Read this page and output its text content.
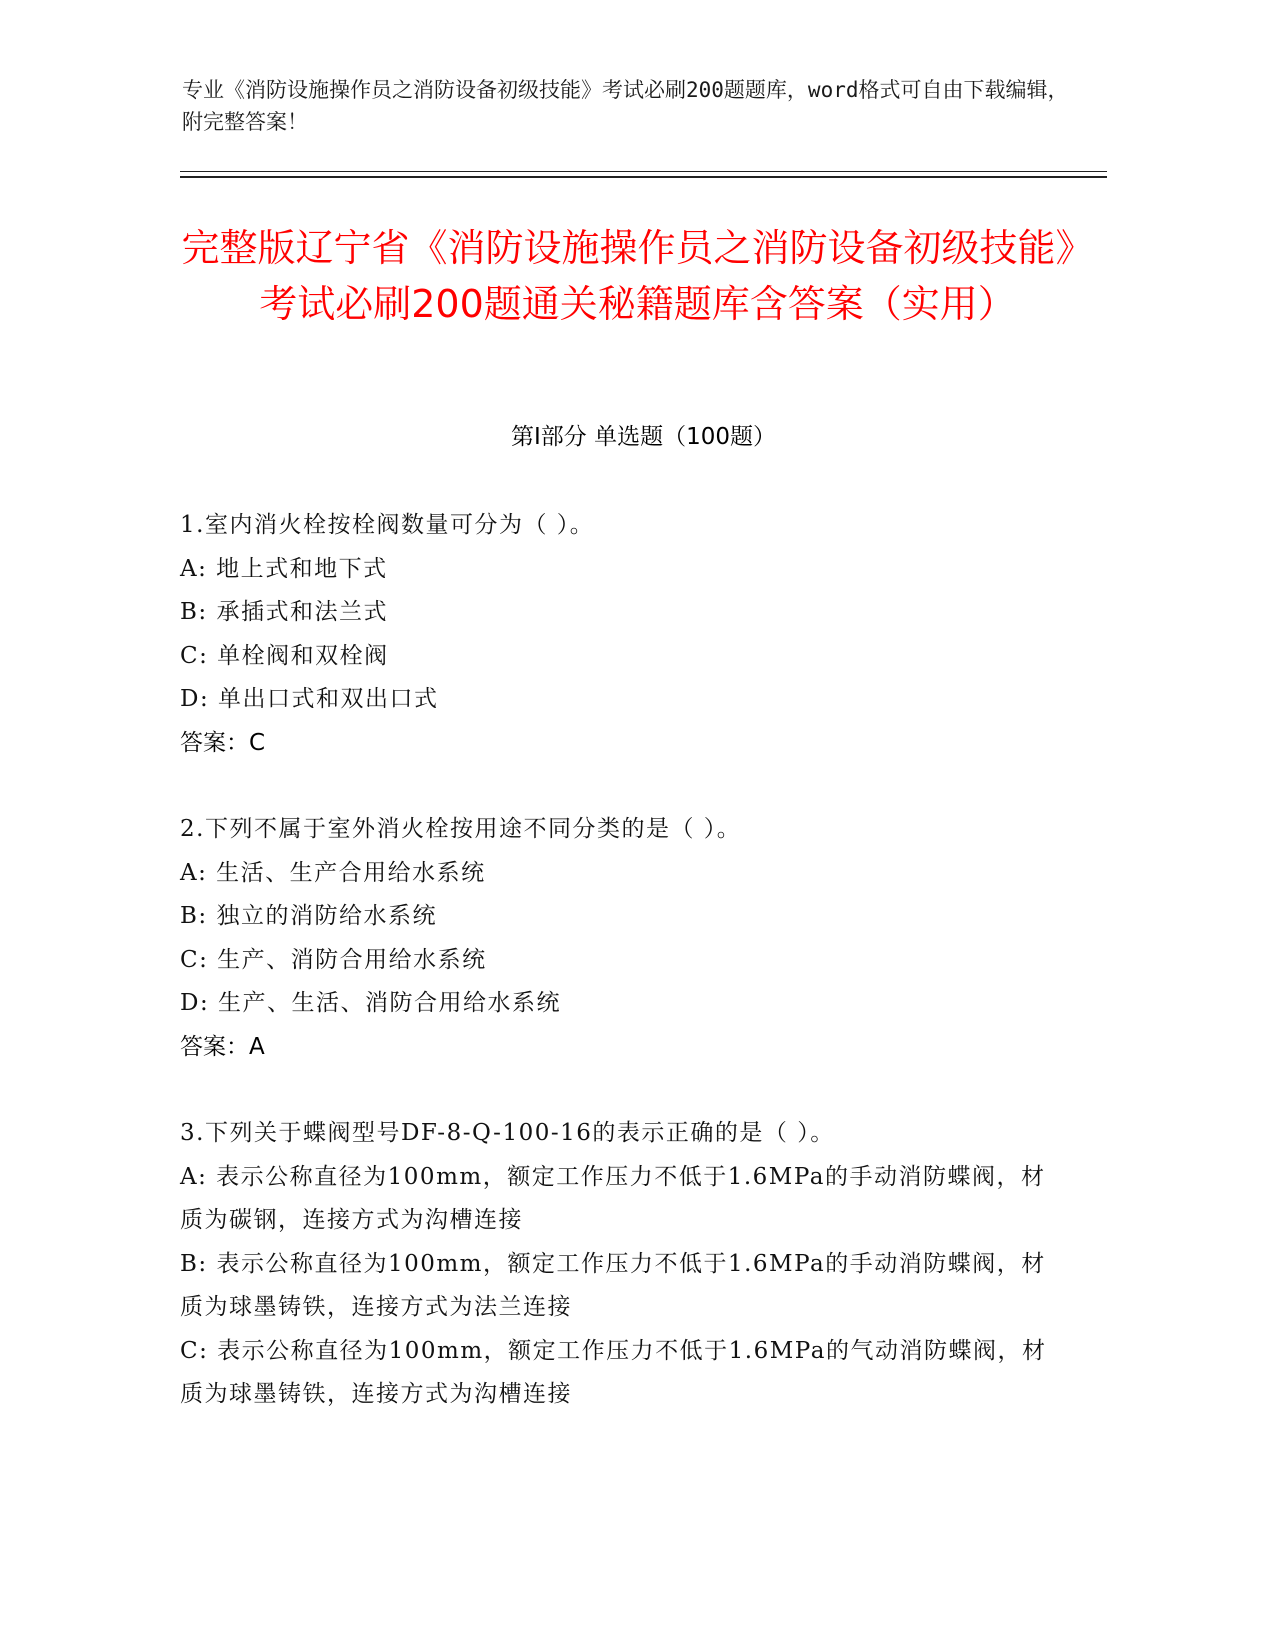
专业《消防设施操作员之消防设备初级技能》考试必刷200题题库，word格式可自由下载编辑，附完整答案！
完整版辽宁省《消防设施操作员之消防设备初级技能》考试必刷200题通关秘籍题库含答案（实用）
第Ⅰ部分 单选题（100题）
1.室内消火栓按栓阀数量可分为（ ）。
A: 地上式和地下式
B: 承插式和法兰式
C: 单栓阀和双栓阀
D: 单出口式和双出口式
答案：C
2.下列不属于室外消火栓按用途不同分类的是（ ）。
A: 生活、生产合用给水系统
B: 独立的消防给水系统
C: 生产、消防合用给水系统
D: 生产、生活、消防合用给水系统
答案：A
3.下列关于蝶阀型号DF-8-Q-100-16的表示正确的是（ ）。
A: 表示公称直径为100mm，额定工作压力不低于1.6MPa的手动消防蝶阀，材质为碳钢，连接方式为沟槽连接
B: 表示公称直径为100mm，额定工作压力不低于1.6MPa的手动消防蝶阀，材质为球墨铸铁，连接方式为法兰连接
C: 表示公称直径为100mm，额定工作压力不低于1.6MPa的气动消防蝶阀，材质为球墨铸铁，连接方式为沟槽连接
